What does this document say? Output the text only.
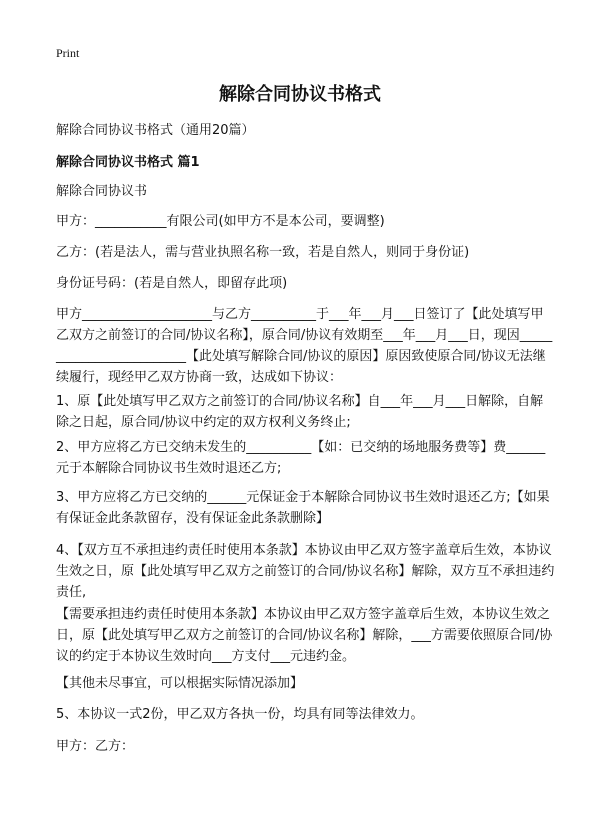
Print
解除合同协议书格式

解除合同协议书格式（通用20篇）

解除合同协议书格式 篇1

解除合同协议书

甲方：___________有限公司(如甲方不是本公司，要调整)

乙方：(若是法人，需与营业执照名称一致，若是自然人，则同于身份证)

身份证号码：(若是自然人，即留存此项)

甲方____________________与乙方__________于___年___月___日签订了【此处填写甲乙双方之前签订的合同/协议名称】，原合同/协议有效期至___年___月___日，现因_________________________【此处填写解除合同/协议的原因】原因致使原合同/协议无法继续履行，现经甲乙双方协商一致，达成如下协议：

1、原【此处填写甲乙双方之前签订的合同/协议名称】自___年___月___日解除，自解除之日起，原合同/协议中约定的双方权利义务终止;

2、甲方应将乙方已交纳未发生的__________【如：已交纳的场地服务费等】费______元于本解除合同协议书生效时退还乙方;

3、甲方应将乙方已交纳的______元保证金于本解除合同协议书生效时退还乙方;【如果有保证金此条款留存，没有保证金此条款删除】

4、【双方互不承担违约责任时使用本条款】本协议由甲乙双方签字盖章后生效，本协议生效之日，原【此处填写甲乙双方之前签订的合同/协议名称】解除，双方互不承担违约责任,

【需要承担违约责任时使用本条款】本协议由甲乙双方签字盖章后生效，本协议生效之日，原【此处填写甲乙双方之前签订的合同/协议名称】解除，___方需要依照原合同/协议的约定于本协议生效时向___方支付___元违约金。

【其他未尽事宜，可以根据实际情况添加】

5、本协议一式2份，甲乙双方各执一份，均具有同等法律效力。

甲方：乙方：
